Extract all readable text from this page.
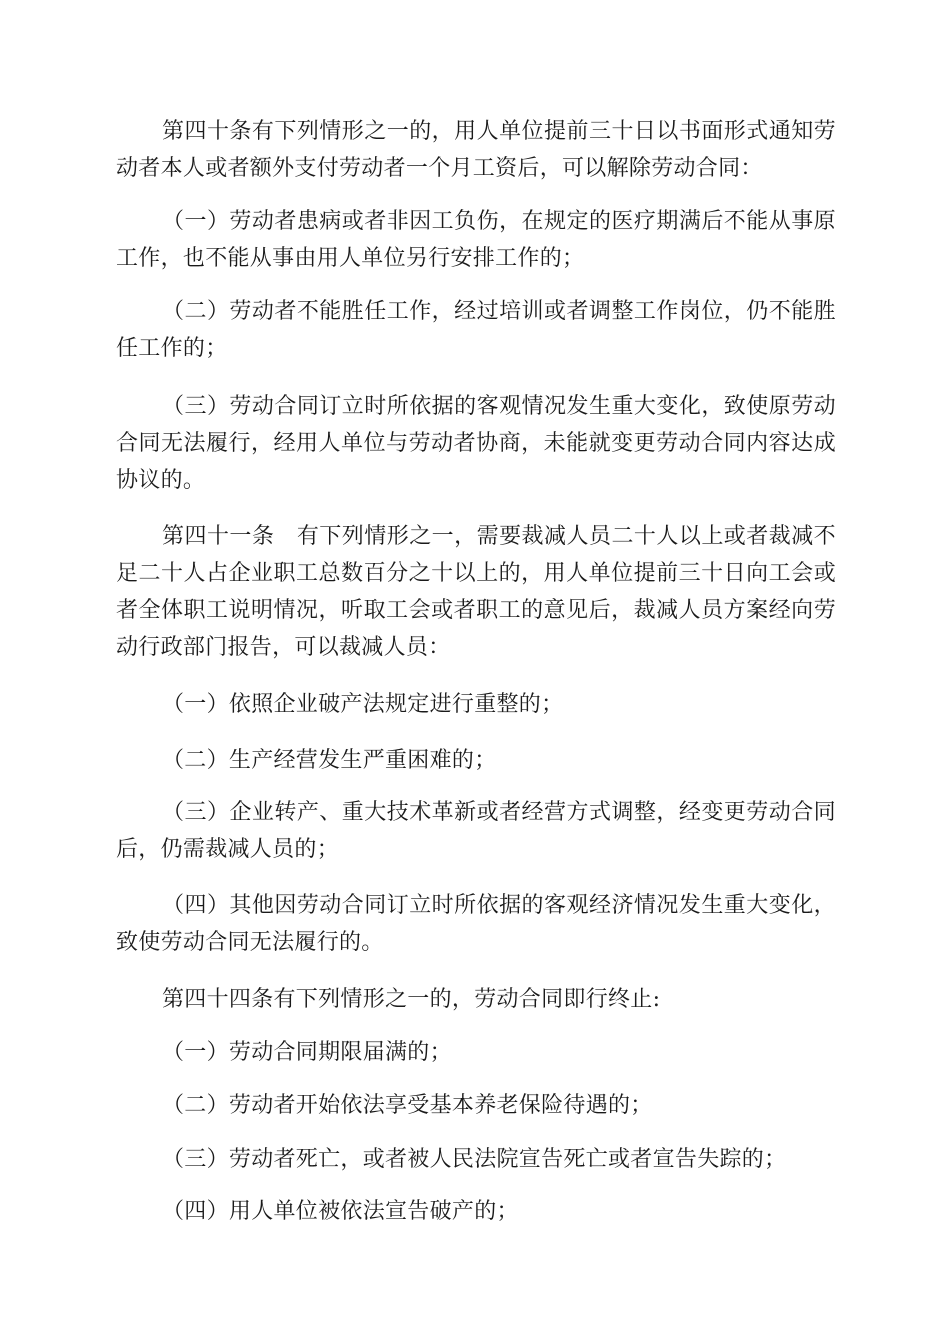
第四十条有下列情形之一的，用人单位提前三十日以书面形式通知劳
动者本人或者额外支付劳动者一个月工资后，可以解除劳动合同：

（一）劳动者患病或者非因工负伤，在规定的医疗期满后不能从事原
工作，也不能从事由用人单位另行安排工作的；

（二）劳动者不能胜任工作，经过培训或者调整工作岗位，仍不能胜
任工作的；

（三）劳动合同订立时所依据的客观情况发生重大变化，致使原劳动
合同无法履行，经用人单位与劳动者协商，未能就变更劳动合同内容达成
协议的。

第四十一条　有下列情形之一，需要裁减人员二十人以上或者裁减不
足二十人占企业职工总数百分之十以上的，用人单位提前三十日向工会或
者全体职工说明情况，听取工会或者职工的意见后，裁减人员方案经向劳
动行政部门报告，可以裁减人员：

（一）依照企业破产法规定进行重整的；

（二）生产经营发生严重困难的；

（三）企业转产、重大技术革新或者经营方式调整，经变更劳动合同
后，仍需裁减人员的；

（四）其他因劳动合同订立时所依据的客观经济情况发生重大变化，
致使劳动合同无法履行的。

第四十四条有下列情形之一的，劳动合同即行终止:

（一）劳动合同期限届满的；

（二）劳动者开始依法享受基本养老保险待遇的；

（三）劳动者死亡，或者被人民法院宣告死亡或者宣告失踪的；

（四）用人单位被依法宣告破产的；
